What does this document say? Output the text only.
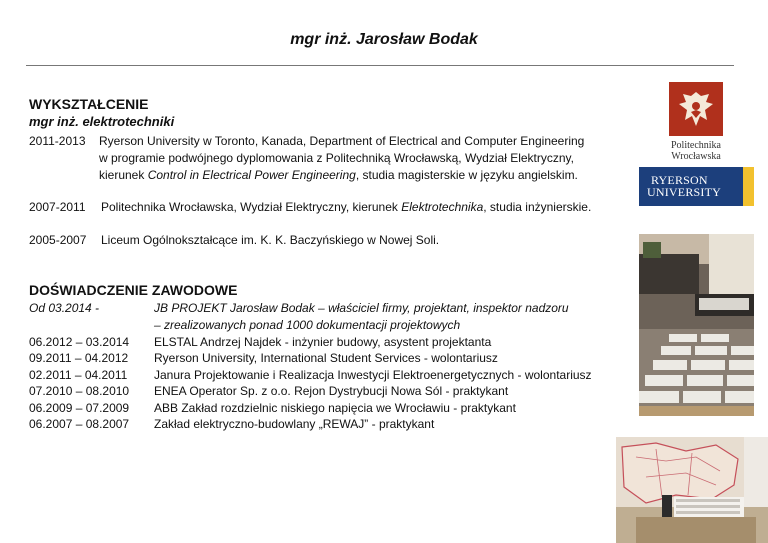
mgr inż. Jarosław Bodak
WYKSZTAŁCENIE
mgr inż. elektrotechniki
2011-2013 Ryerson University w Toronto, Kanada, Department of Electrical and Computer Engineering
w programie podwójnego dyplomowania z Politechniką Wrocławską, Wydział Elektryczny,
kierunek Control in Electrical Power Engineering, studia magisterskie w języku angielskim.
2007-2011 Politechnika Wrocławska, Wydział Elektryczny, kierunek Elektrotechnika, studia inżynierskie.
2005-2007 Liceum Ogólnokształcące im. K. K. Baczyńskiego w Nowej Soli.
DOŚWIADCZENIE ZAWODOWE
Od 03.2014 -	JB PROJEKT Jarosław Bodak – właściciel firmy, projektant, inspektor nadzoru
– zrealizowanych ponad 1000 dokumentacji projektowych
06.2012 – 03.2014 ELSTAL Andrzej Najdek - inżynier budowy, asystent projektanta
09.2011 – 04.2012 Ryerson University, International Student Services - wolontariusz
02.2011 – 04.2011 Janura Projektowanie i Realizacja Inwestycji Elektroenergetycznych - wolontariusz
07.2010 – 08.2010 ENEA Operator Sp. z o.o. Rejon Dystrybucji Nowa Sól - praktykant
06.2009 – 07.2009 ABB Zakład rozdzielnic niskiego napięcia we Wrocławiu - praktykant
06.2007 – 08.2007 Zakład elektryczno-budowlany „REWAJ” - praktykant
Politechnika
Wrocławska
RYERSON
UNIVERSITY
